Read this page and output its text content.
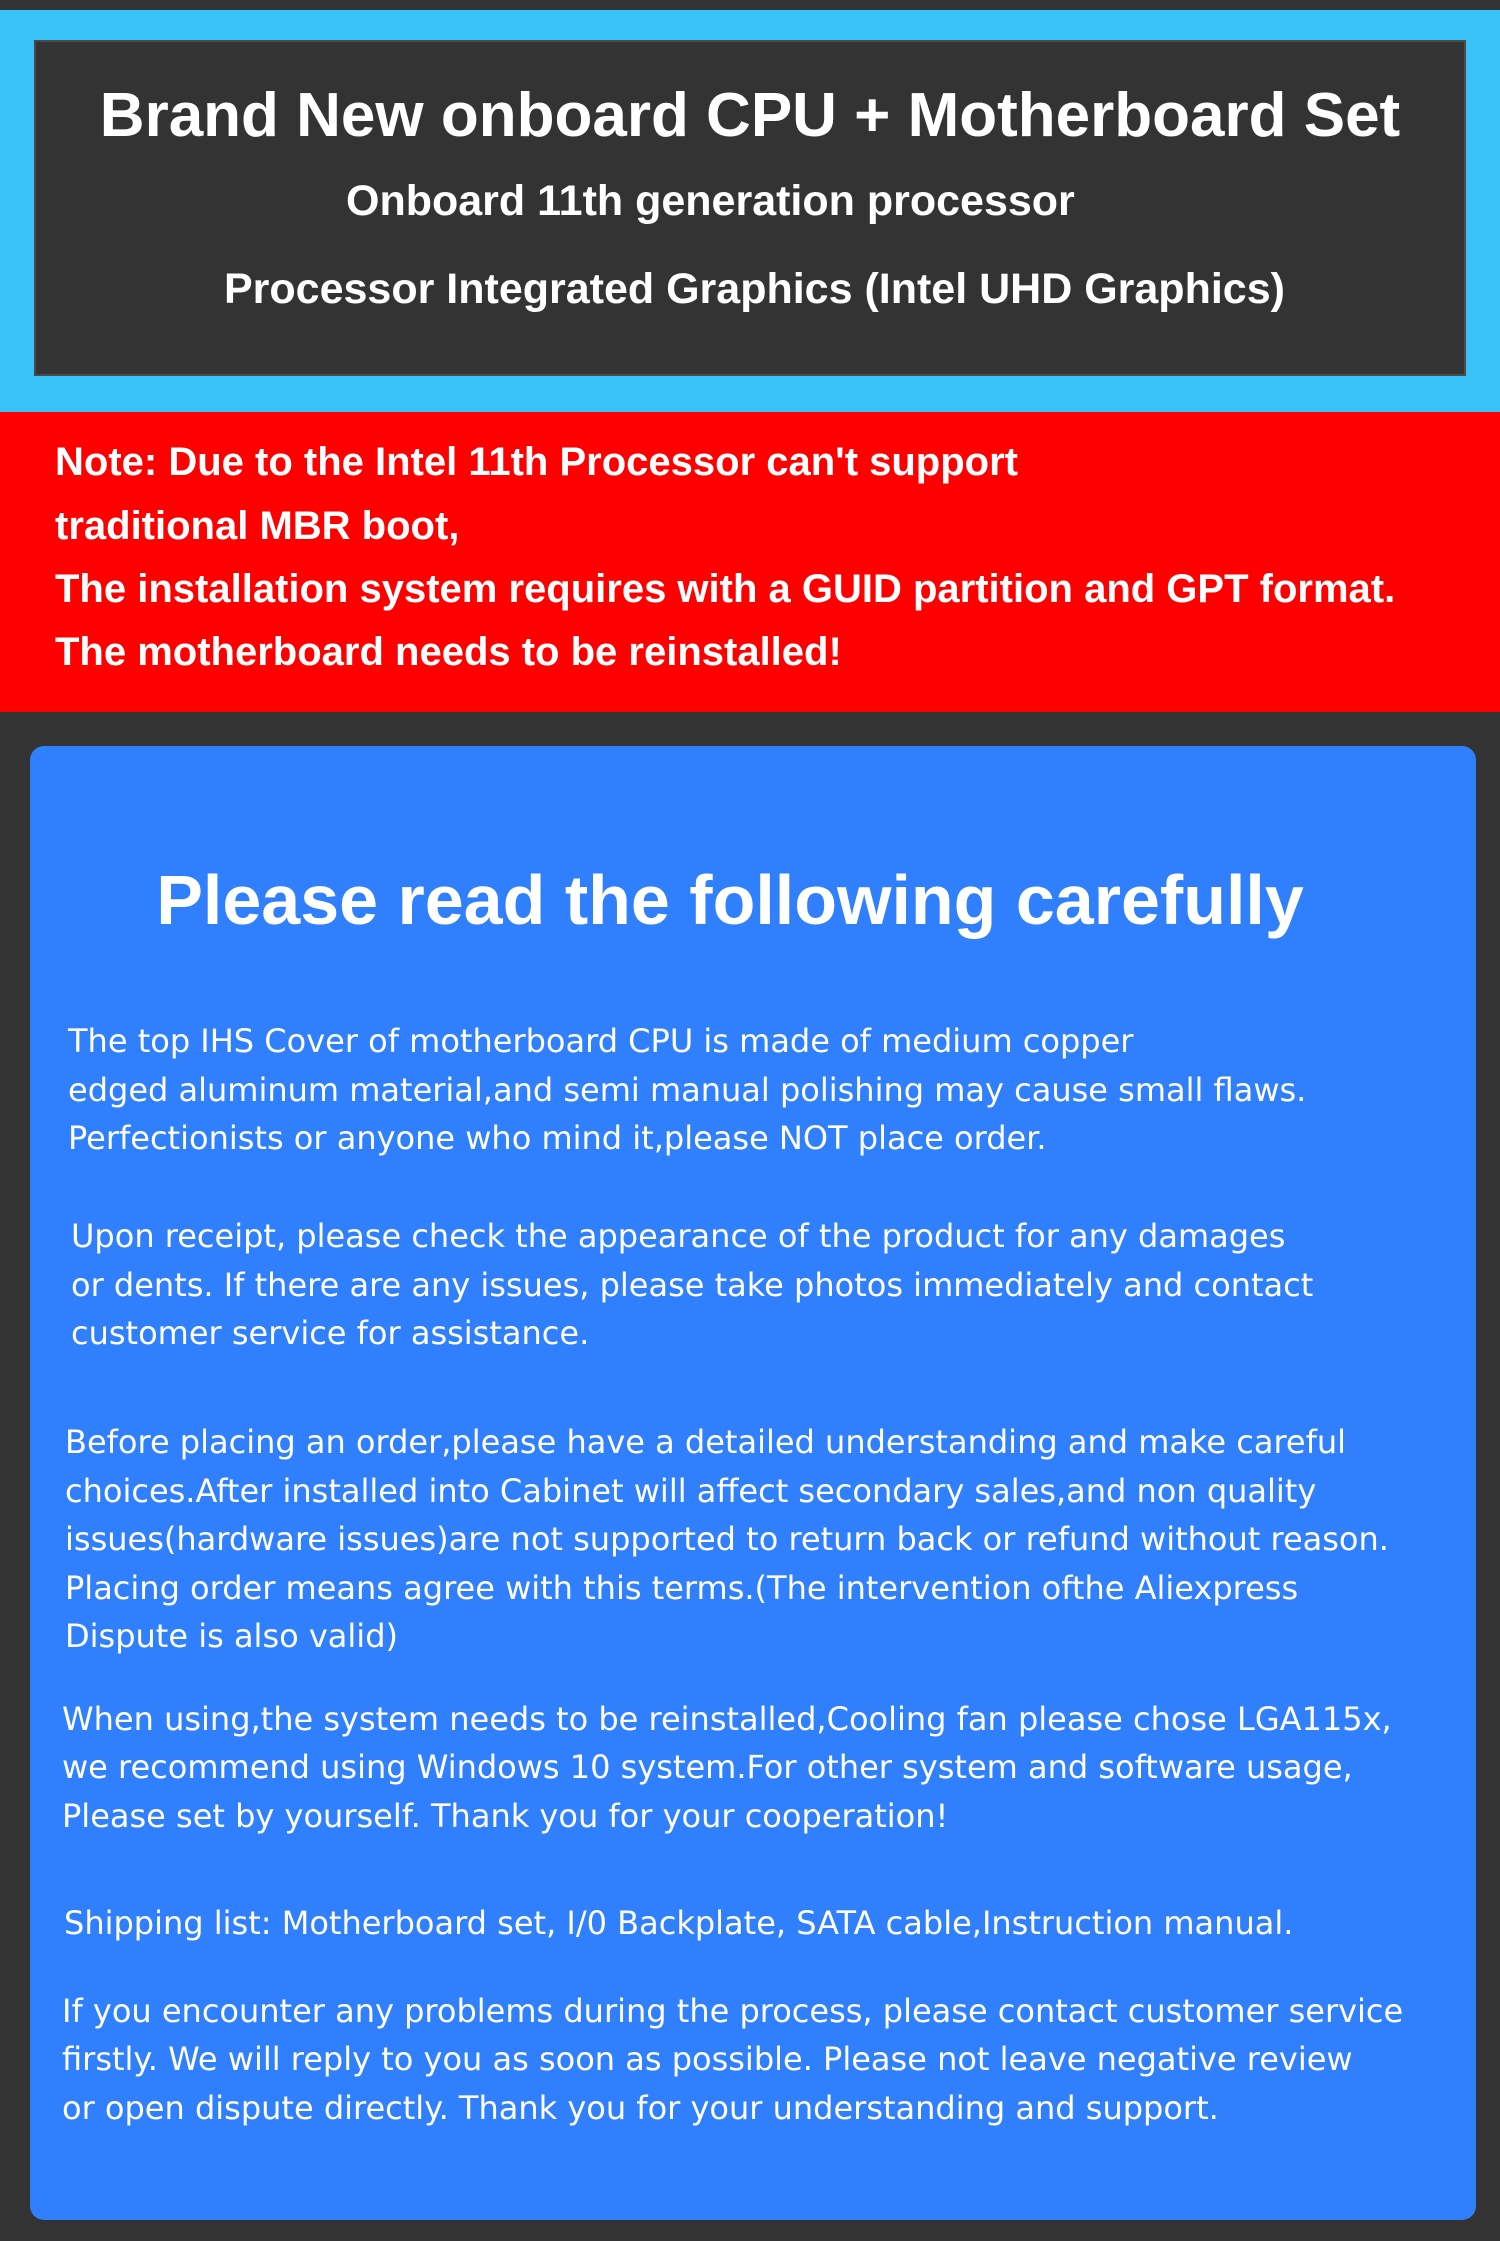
Brand New onboard CPU + Motherboard Set
Onboard 11th generation processor
Processor Integrated Graphics (Intel UHD Graphics)
Note: Due to the Intel 11th Processor can't support
traditional MBR boot,
The installation system requires with a GUID partition and GPT format.
The motherboard needs to be reinstalled!
Please read the following carefully
The top IHS Cover of motherboard CPU is made of medium copper
edged aluminum material,and semi manual polishing may cause small flaws.
Perfectionists or anyone who mind it,please NOT place order.
Upon receipt, please check the appearance of the product for any damages
or dents. If there are any issues, please take photos immediately and contact
customer service for assistance.
Before placing an order,please have a detailed understanding and make careful
choices.After installed into Cabinet will affect secondary sales,and non quality
issues(hardware issues)are not supported to return back or refund without reason.
Placing order means agree with this terms.(The intervention ofthe Aliexpress
Dispute is also valid)
When using,the system needs to be reinstalled,Cooling fan please chose LGA115x,
we recommend using Windows 10 system.For other system and software usage,
Please set by yourself. Thank you for your cooperation!
Shipping list: Motherboard set, I/0 Backplate, SATA cable,Instruction manual.
If you encounter any problems during the process, please contact customer service
firstly. We will reply to you as soon as possible. Please not leave negative review
or open dispute directly. Thank you for your understanding and support.
